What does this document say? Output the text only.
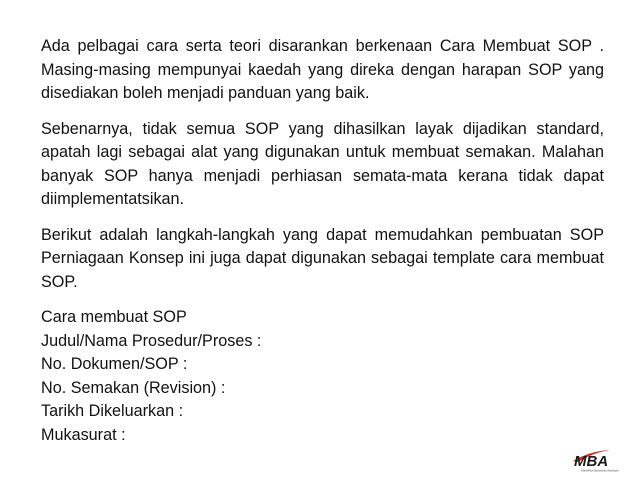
Ada pelbagai cara serta teori disarankan berkenaan Cara Membuat SOP . Masing-masing mempunyai kaedah yang direka dengan harapan SOP yang disediakan boleh menjadi panduan yang baik.

Sebenarnya, tidak semua SOP yang dihasilkan layak dijadikan standard, apatah lagi sebagai alat yang digunakan untuk membuat semakan. Malahan banyak SOP hanya menjadi perhiasan semata-mata kerana tidak dapat diimplementatsikan.

Berikut adalah langkah-langkah yang dapat memudahkan pembuatan SOP Perniagaan Konsep ini juga dapat digunakan sebagai template cara membuat SOP.

Cara membuat SOP
Judul/Nama Prosedur/Proses :
No. Dokumen/SOP :
No. Semakan (Revision) :
Tarikh Dikeluarkan :
Mukasurat :
MBA
MindPlus Business Advisors
